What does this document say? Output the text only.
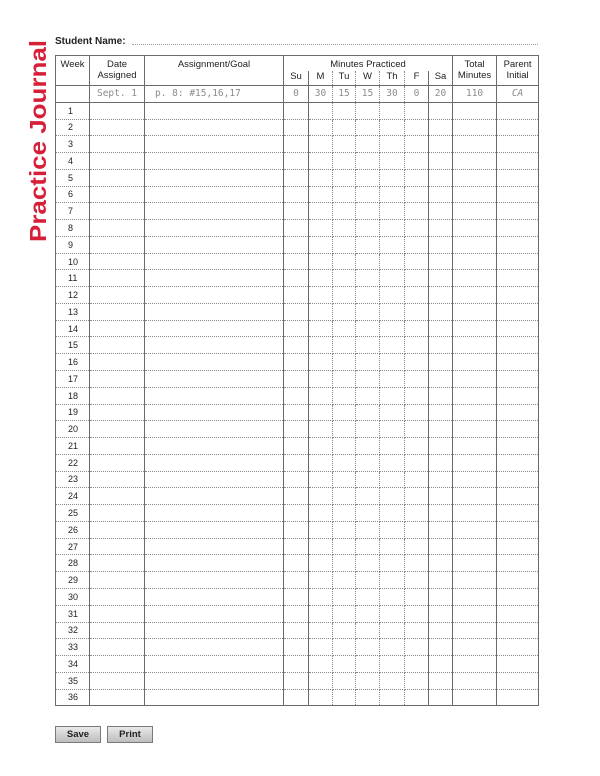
Practice Journal
Student Name:
Week	Date Assigned	Assignment/Goal	Minutes Practiced							Total Minutes	Parent Initial
			Su	M	Tu	W	Th	F	Sa		
	Sept. 1	p. 8: #15,16,17	0	30	15	15	30	0	20	110	CA
1											
2											
3											
4											
5											
6											
7											
8											
9											
10											
11											
12											
13											
14											
15											
16											
17											
18											
19											
20											
21											
22											
23											
24											
25											
26											
27											
28											
29											
30											
31											
32											
33											
34											
35											
36											
Save	Print
